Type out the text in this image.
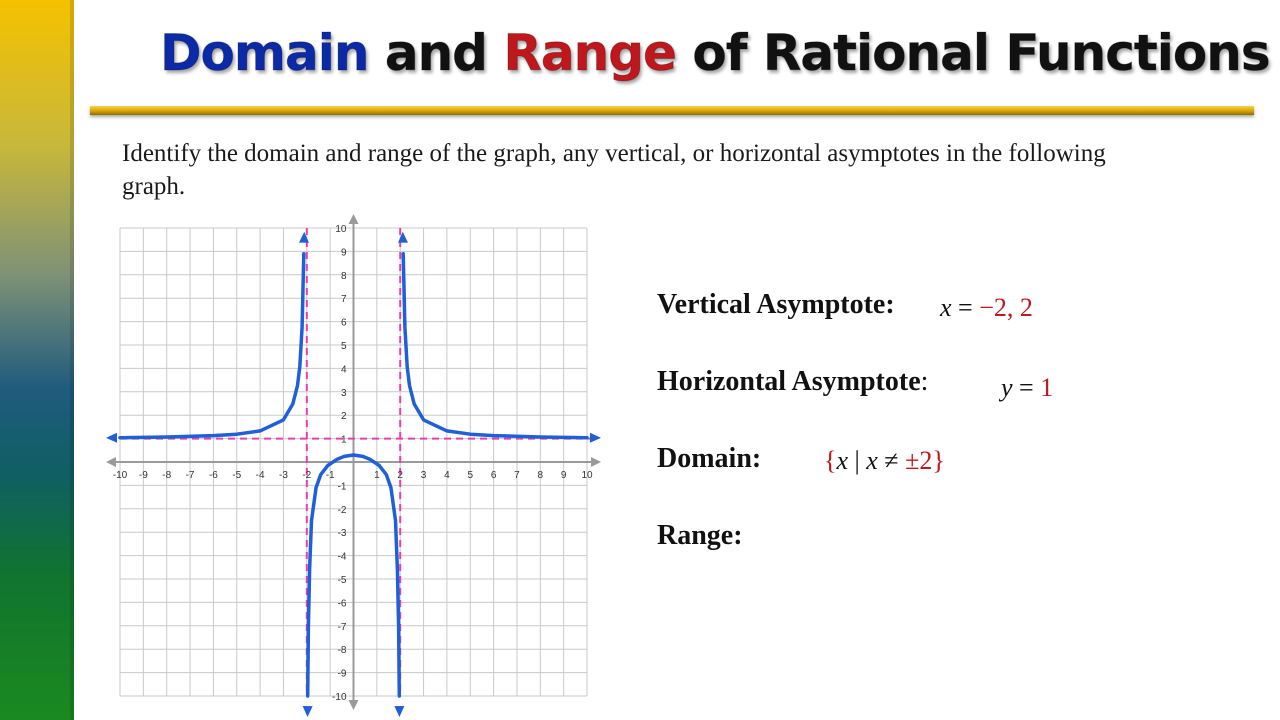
Domain and Range of Rational Functions
Identify the domain and range of the graph, any vertical, or horizontal asymptotes in the following graph.
-10 -9 -8 -7 -6 -5 -4 -3 -2 -1	1 2 3 4 5 6 7 8 9 10
-10
-9
-8
-7
-6
-5
-4
-3
-2
-1
1
2
3
4
5
6
7
8
9
10
Vertical Asymptote: x = −2, 2
Horizontal Asymptote:	y = 1
Domain: {x | x ≠ ±2}
Range:
